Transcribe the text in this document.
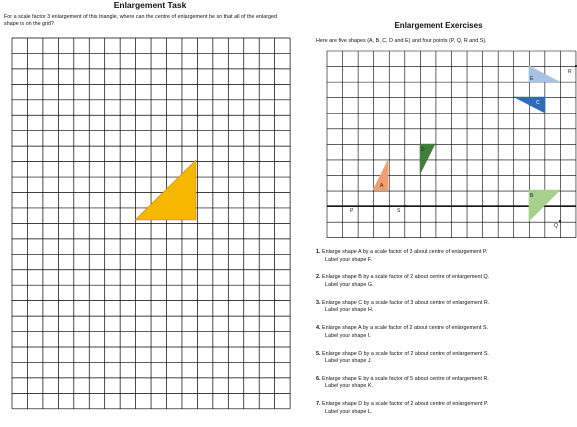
Enlargement Task
For a scale factor 3 enlargement of this triangle, where can the centre of enlargement be so that all of the enlarged shape is on the grid?	Enlargement Exercises
Here are five shapes (A, B, C, D and E) and four points (P, Q, R and S).
A
B
C
D
E
P	S
R
Q
1. Enlarge shape A by a scale factor of 3 about centre of enlargement P.
Label your shape F.
2. Enlarge shape B by a scale factor of 2 about centre of enlargement Q.
Label your shape G.
3. Enlarge shape C by a scale factor of 3 about centre of enlargement R.
Label your shape H.
4. Enlarge shape A by a scale factor of 2 about centre of enlargement S.
Label your shape I.
5. Enlarge shape D by a scale factor of 2 about centre of enlargement S.
Label your shape J.
6. Enlarge shape E by a scale factor of 5 about centre of enlargement R.
Label your shape K.
7. Enlarge shape D by a scale factor of 2 about centre of enlargement P.
Label your shape L.
